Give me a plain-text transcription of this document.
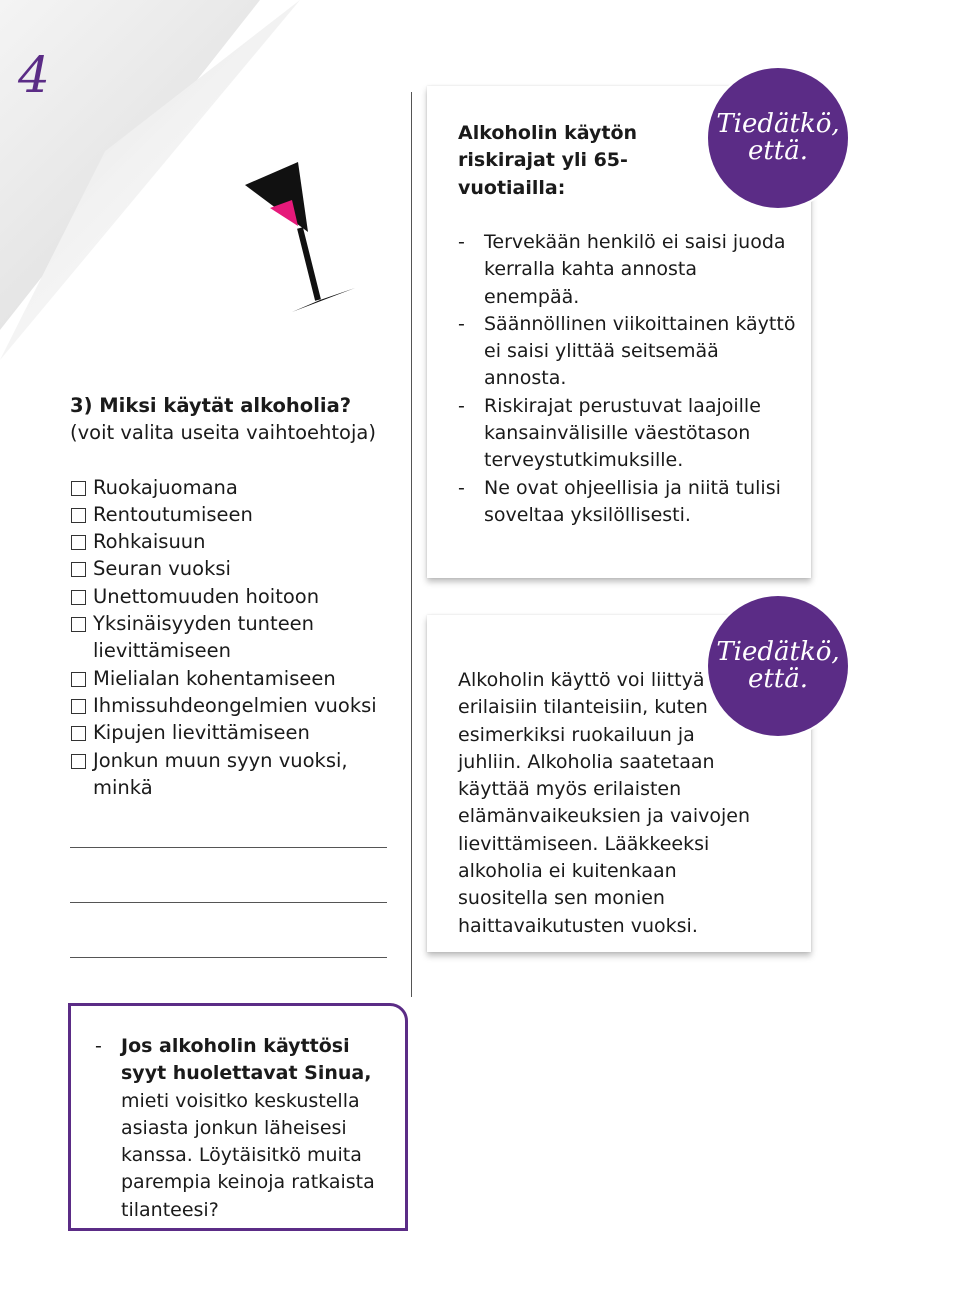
4
3) Miksi käytät alkoholia?
(voit valita useita vaihtoehtoja)
Ruokajuomana
Rentoutumiseen
Rohkaisuun
Seuran vuoksi
Unettomuuden hoitoon
Yksinäisyyden tunteen lievittämiseen
Mielialan kohentamiseen
Ihmissuhdeongelmien vuoksi
Kipujen lievittämiseen
Jonkun muun syyn vuoksi, minkä
Alkoholin käytön riskirajat yli 65-vuotiailla:
-	Tervekään henkilö ei saisi juoda kerralla kahta annosta enempää.
-	Säännöllinen viikoittainen käyttö ei saisi ylittää seitsemää annosta.
-	Riskirajat perustuvat laajoille kansainvälisille väestötason terveystutkimuksille.
-	Ne ovat ohjeellisia ja niitä tulisi soveltaa yksilöllisesti.
Tiedätkö,
että.
Alkoholin käyttö voi liittyä erilaisiin tilanteisiin, kuten esimerkiksi ruokailuun ja juhliin. Alkoholia saatetaan käyttää myös erilaisten elämänvaikeuksien ja vaivojen lievittämiseen. Lääkkeeksi alkoholia ei kuitenkaan suositella sen monien haittavaikutusten vuoksi.
Tiedätkö,
että.
-	Jos alkoholin käyttösi syyt huolettavat Sinua, mieti voisitko keskustella asiasta jonkun läheisesi kanssa. Löytäisitkö muita parempia keinoja ratkaista tilanteesi?
